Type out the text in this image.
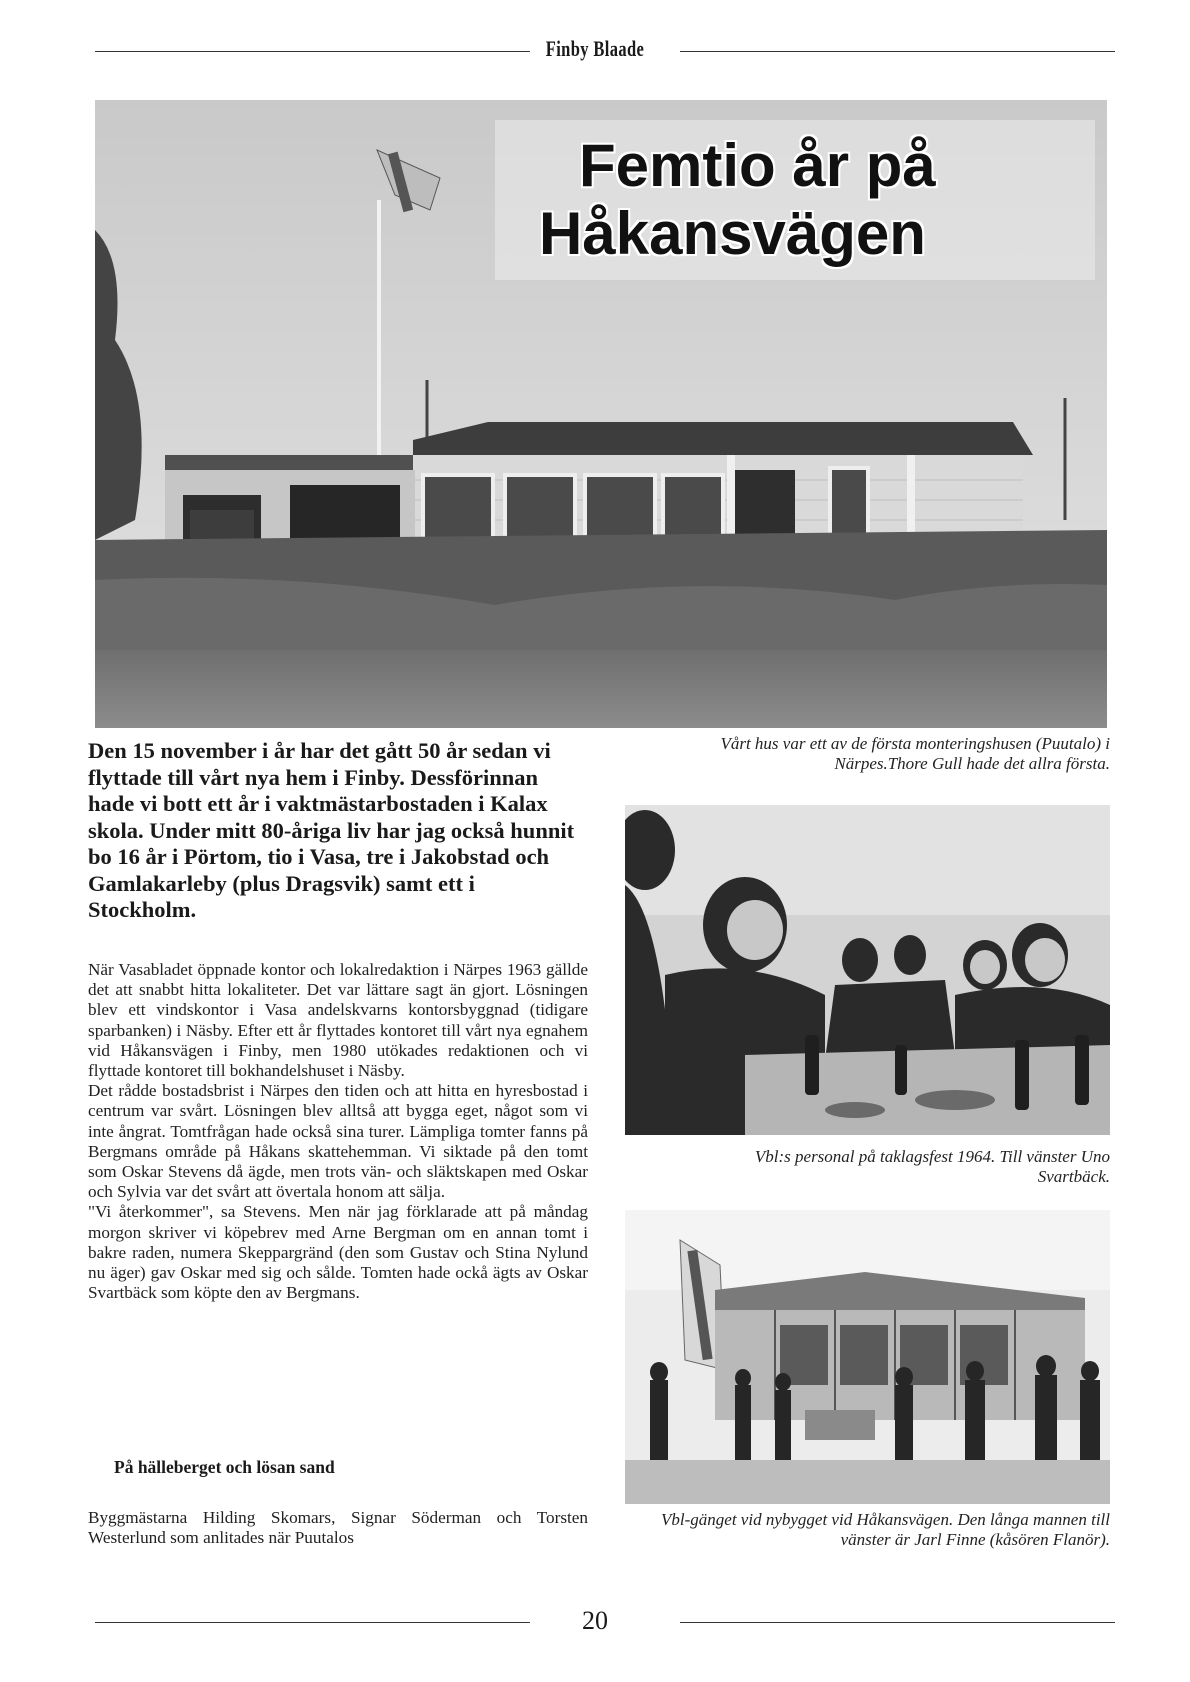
Finby Blaade
Femtio år på
Håkansvägen
Den 15 november i år har det gått 50 år sedan vi flyttade till vårt nya hem i Finby. Dessförinnan hade vi bott ett år i vaktmästarbostaden i Kalax skola. Under mitt 80-åriga liv har jag också hunnit bo 16 år i Pörtom, tio i Vasa, tre i Jakobstad och Gamlakarleby (plus Dragsvik) samt ett i Stockholm.

När Vasabladet öppnade kontor och lokalredaktion i Närpes 1963 gällde det att snabbt hitta lokaliteter. Det var lättare sagt än gjort. Lösningen blev ett vindskontor i Vasa andelskvarns kontorsbyggnad (tidigare sparbanken) i Näsby. Efter ett år flyttades kontoret till vårt nya egnahem vid Håkansvägen i Finby, men 1980 utökades redaktionen och vi flyttade kontoret till bokhandelshuset i Näsby.

Det rådde bostadsbrist i Närpes den tiden och att hitta en hyresbostad i centrum var svårt. Lösningen blev alltså att bygga eget, något som vi inte ångrat. Tomtfrågan hade också sina turer. Lämpliga tomter fanns på Bergmans område på Håkans skattehemman. Vi siktade på den tomt som Oskar Stevens då ägde, men trots vän- och släktskapen med Oskar och Sylvia var det svårt att övertala honom att sälja.

"Vi återkommer", sa Stevens. Men när jag förklarade att på måndag morgon skriver vi köpebrev med Arne Bergman om en annan tomt i bakre raden, numera Skeppargränd (den som Gustav och Stina Nylund nu äger) gav Oskar med sig och sålde. Tomten hade ockå ägts av Oskar Svartbäck som köpte den av Bergmans.

På hälleberget och lösan sand
Byggmästarna Hilding Skomars, Signar Söderman och Torsten Westerlund som anlitades när Puutalos
Vårt hus var ett av de första monteringshusen (Puutalo) i Närpes.Thore Gull hade det allra första.
Vbl:s personal på taklagsfest 1964. Till vänster Uno Svartbäck.
Vbl-gänget vid nybygget vid Håkansvägen. Den långa mannen till vänster är Jarl Finne (kåsören Flanör).
20
